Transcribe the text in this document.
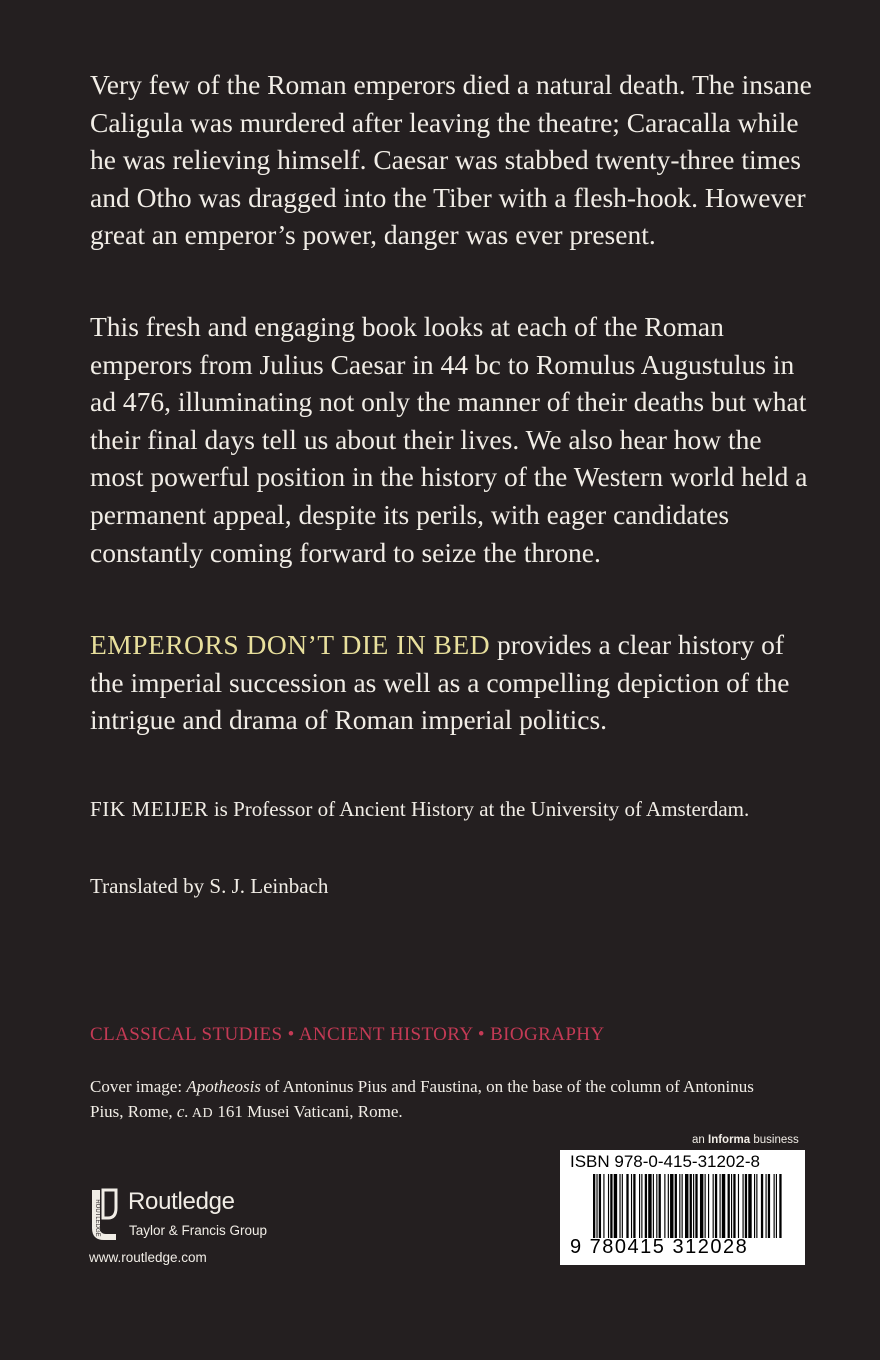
Very few of the Roman emperors died a natural death. The insane Caligula was murdered after leaving the theatre; Caracalla while he was relieving himself. Caesar was stabbed twenty-three times and Otho was dragged into the Tiber with a flesh-hook. However great an emperor’s power, danger was ever present.

This fresh and engaging book looks at each of the Roman emperors from Julius Caesar in 44 bc to Romulus Augustulus in ad 476, illuminating not only the manner of their deaths but what their final days tell us about their lives. We also hear how the most powerful position in the history of the Western world held a permanent appeal, despite its perils, with eager candidates constantly coming forward to seize the throne.

EMPERORS DON’T DIE IN BED provides a clear history of the imperial succession as well as a compelling depiction of the intrigue and drama of Roman imperial politics.

FIK MEIJER is Professor of Ancient History at the University of Amsterdam.

Translated by S. J. Leinbach

CLASSICAL STUDIES • ANCIENT HISTORY • BIOGRAPHY

Cover image: Apotheosis of Antoninus Pius and Faustina, on the base of the column of Antoninus Pius, Rome, c. AD 161 Musei Vaticani, Rome.

an Informa business
ISBN 978-0-415-31202-8
9 780415 312028
ROUTLEDGE Routledge
Taylor & Francis Group
www.routledge.com
